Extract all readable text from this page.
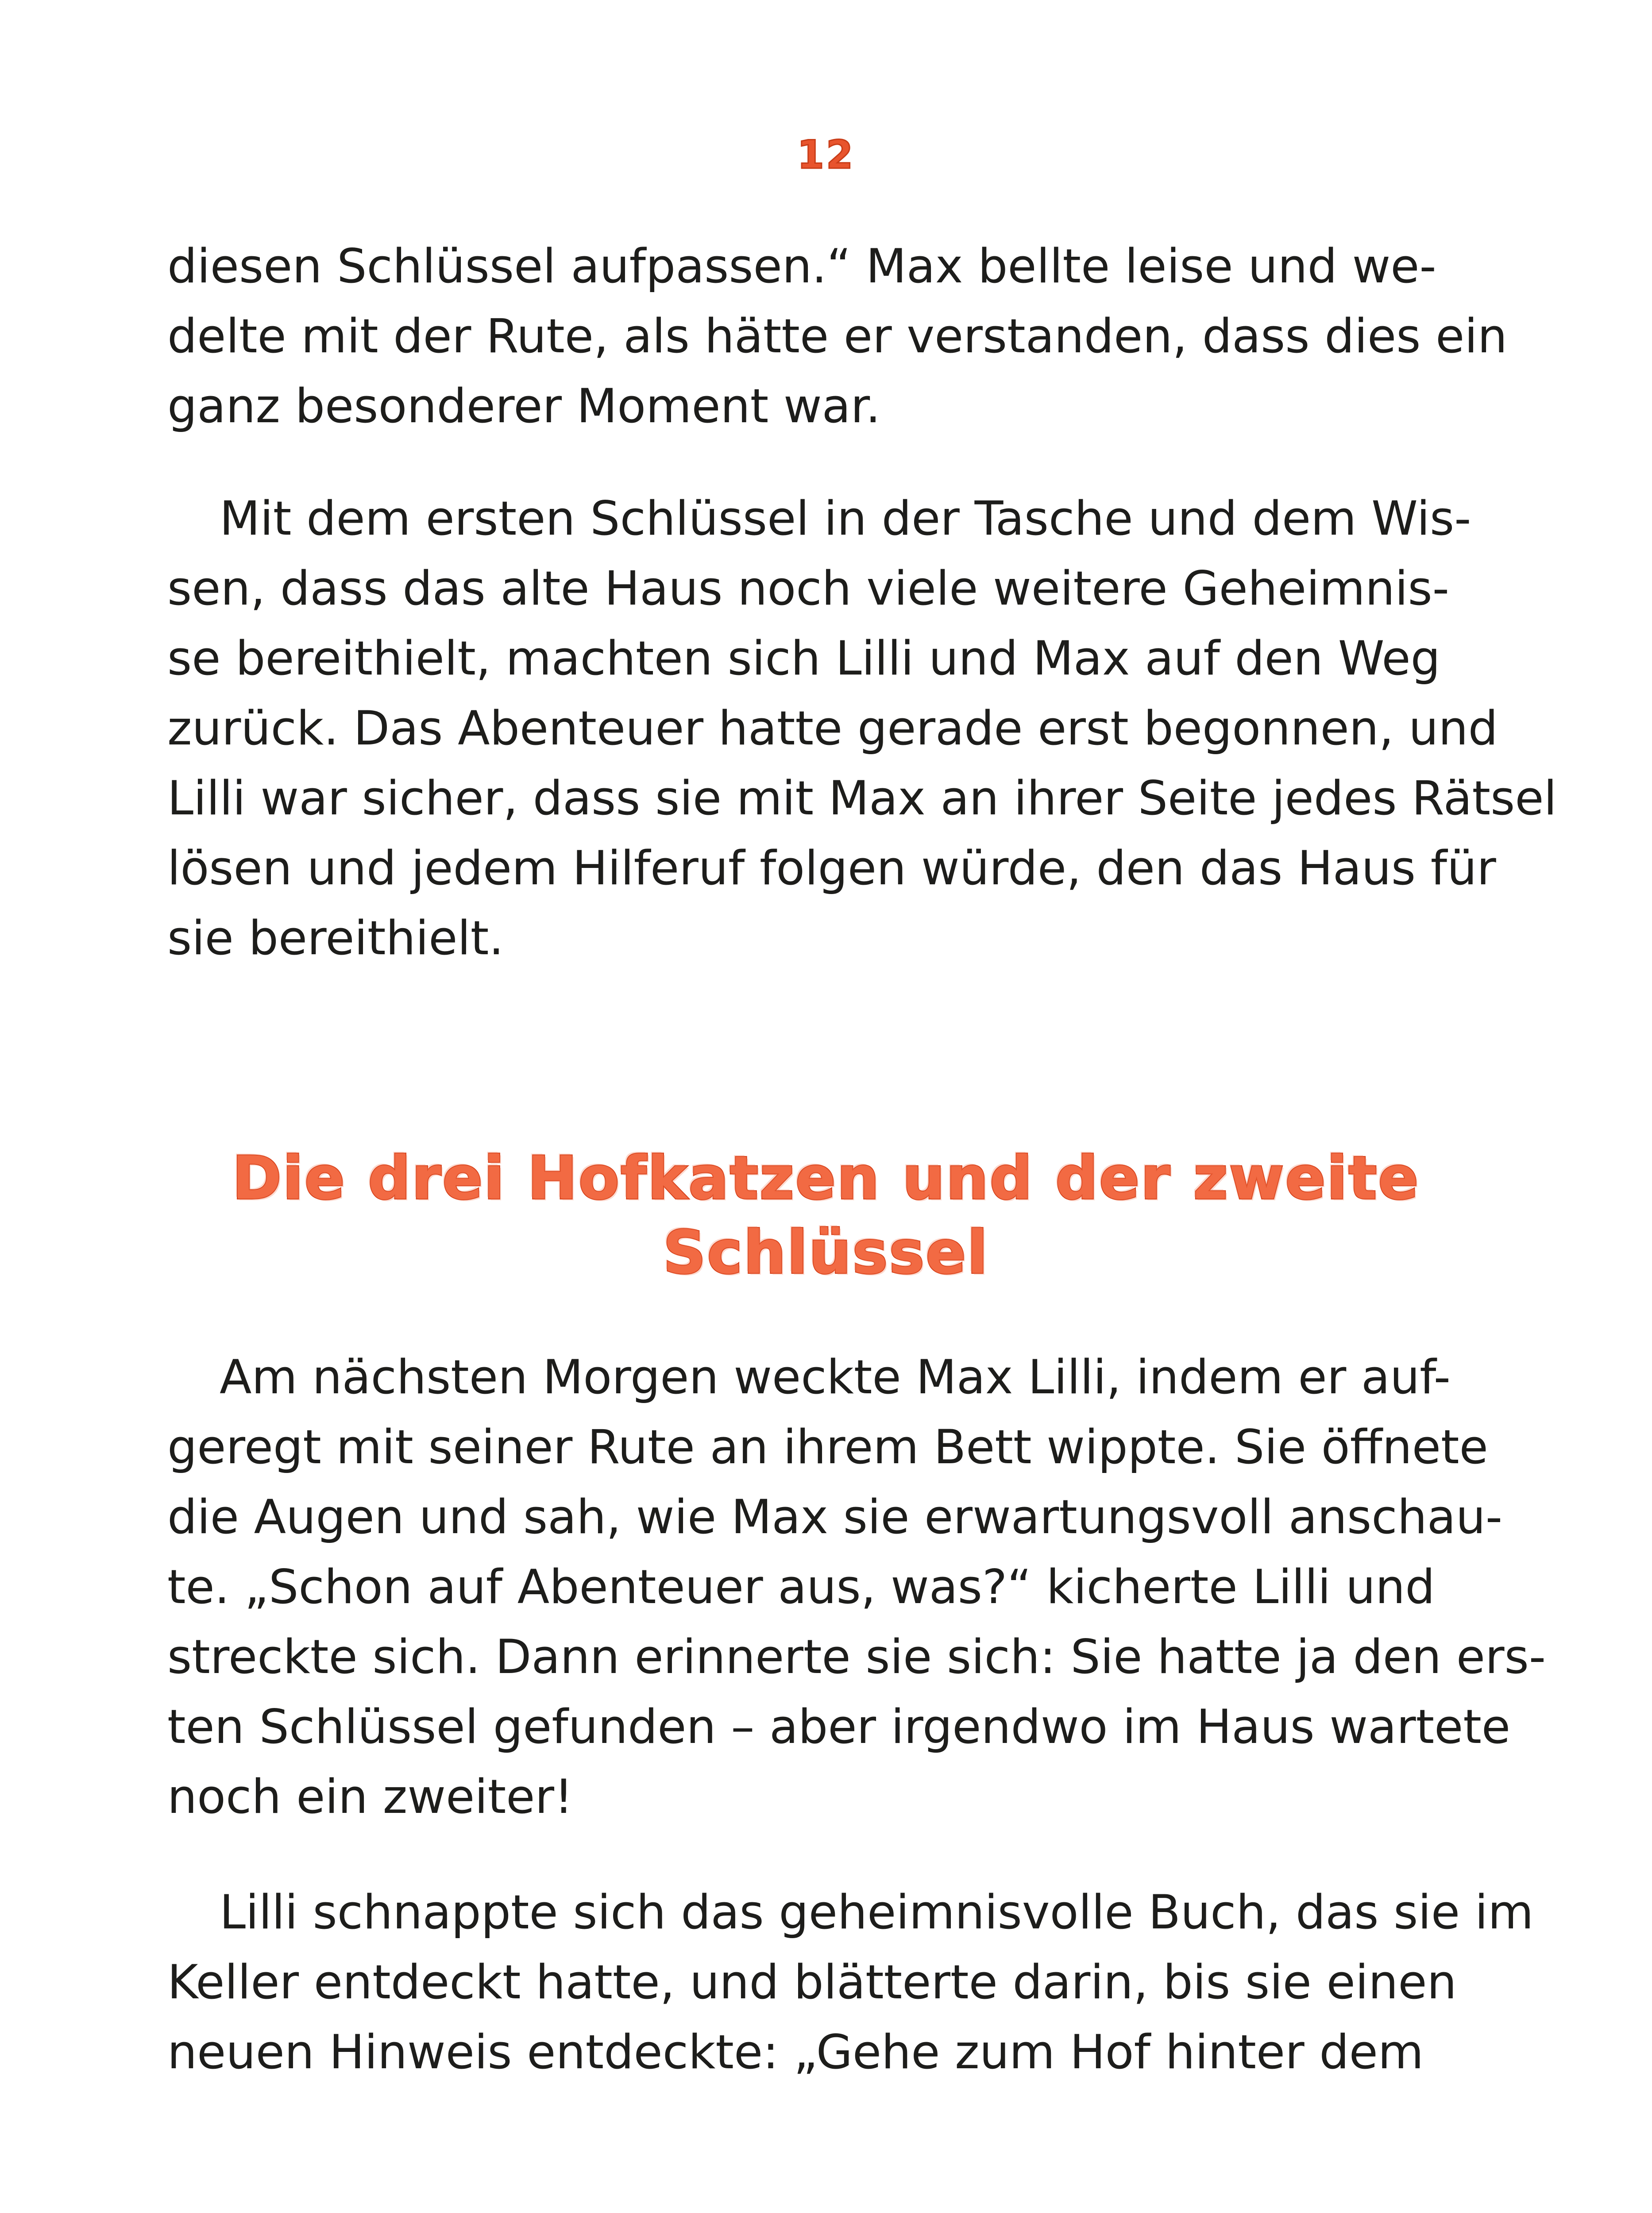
12
diesen Schlüssel aufpassen.“ Max bellte leise und we-
delte mit der Rute, als hätte er verstanden, dass dies ein
ganz besonderer Moment war.
Mit dem ersten Schlüssel in der Tasche und dem Wis-
sen, dass das alte Haus noch viele weitere Geheimnis-
se bereithielt, machten sich Lilli und Max auf den Weg
zurück. Das Abenteuer hatte gerade erst begonnen, und
Lilli war sicher, dass sie mit Max an ihrer Seite jedes Rätsel
lösen und jedem Hilferuf folgen würde, den das Haus für
sie bereithielt.
Die drei Hofkatzen und der zweite
Schlüssel
Am nächsten Morgen weckte Max Lilli, indem er auf-
geregt mit seiner Rute an ihrem Bett wippte. Sie öffnete
die Augen und sah, wie Max sie erwartungsvoll anschau-
te. „Schon auf Abenteuer aus, was?“ kicherte Lilli und
streckte sich. Dann erinnerte sie sich: Sie hatte ja den ers-
ten Schlüssel gefunden – aber irgendwo im Haus wartete
noch ein zweiter!
Lilli schnappte sich das geheimnisvolle Buch, das sie im
Keller entdeckt hatte, und blätterte darin, bis sie einen
neuen Hinweis entdeckte: „Gehe zum Hof hinter dem
